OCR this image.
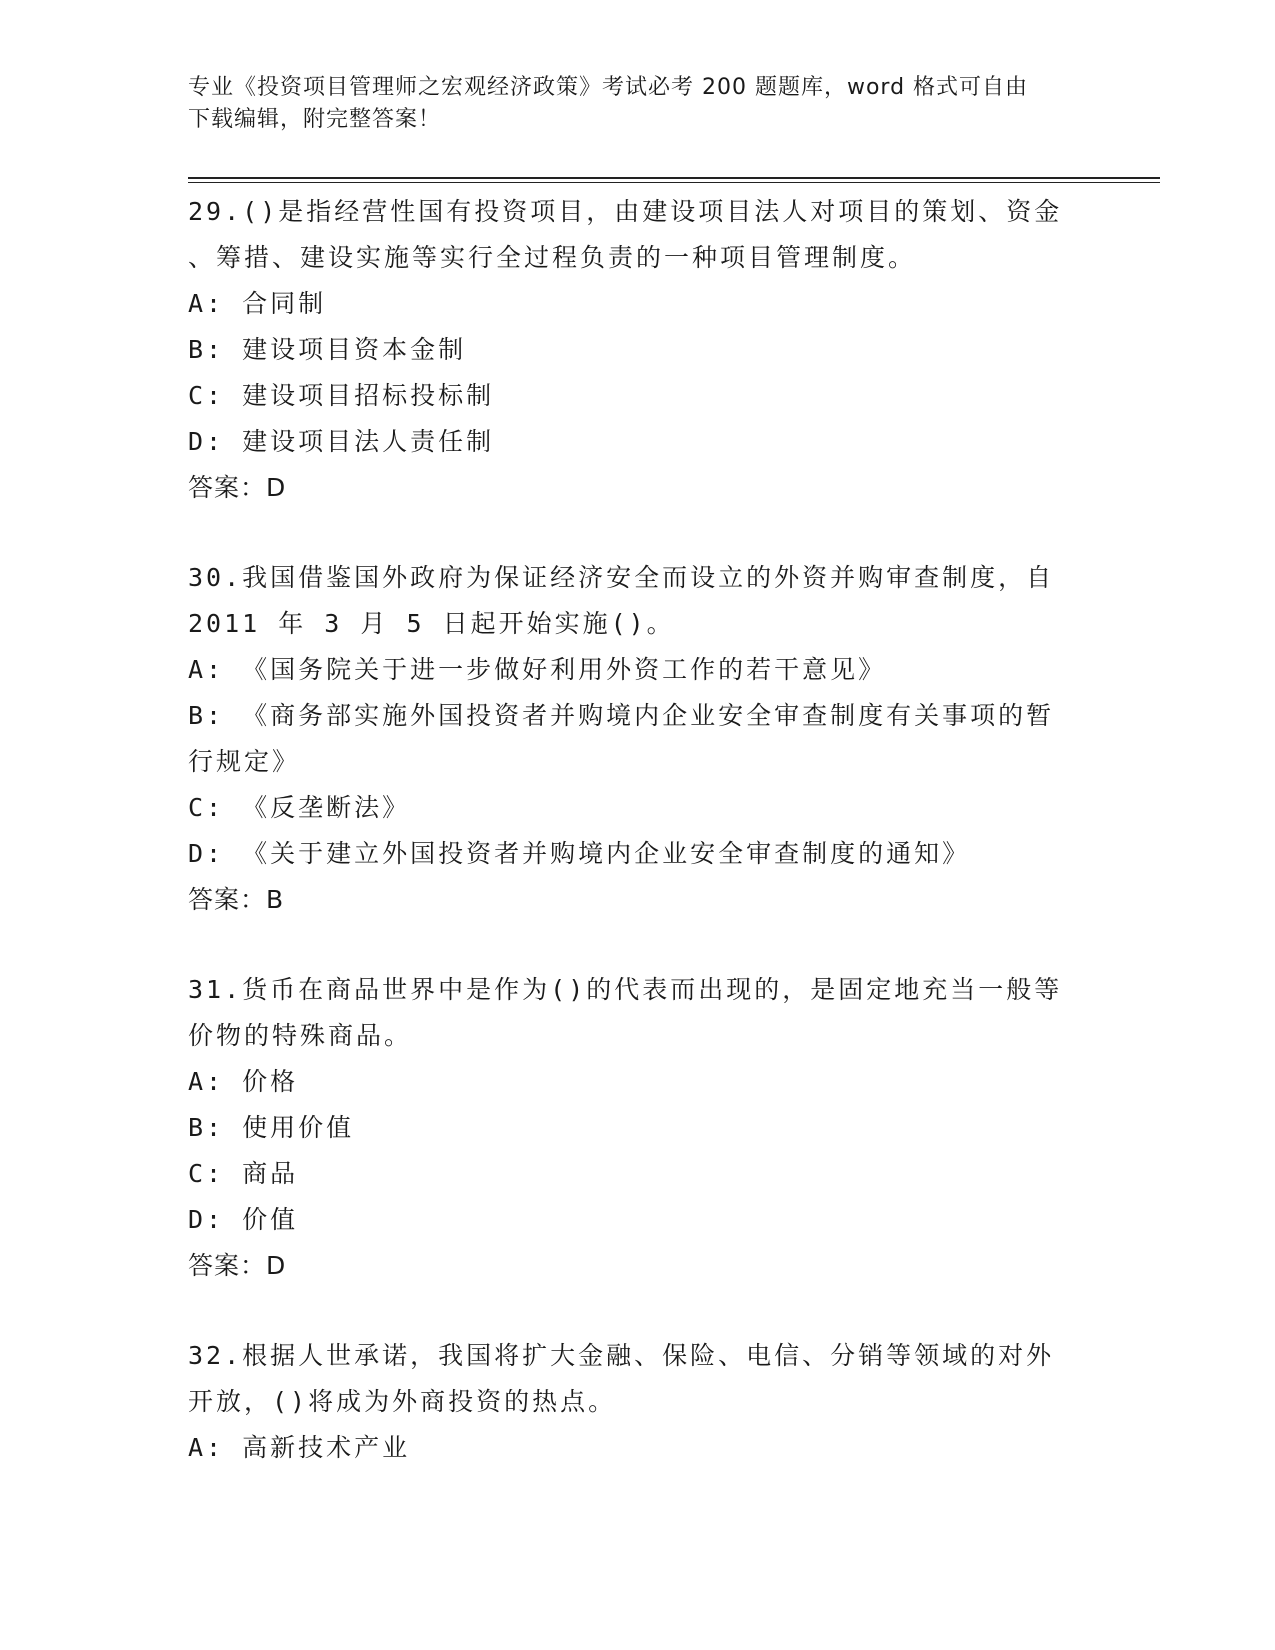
专业《投资项目管理师之宏观经济政策》考试必考 200 题题库，word 格式可自由
下载编辑，附完整答案！

29.()是指经营性国有投资项目，由建设项目法人对项目的策划、资金

、筹措、建设实施等实行全过程负责的一种项目管理制度。

A: 合同制

B: 建设项目资本金制

C: 建设项目招标投标制

D: 建设项目法人责任制

答案：D

30.我国借鉴国外政府为保证经济安全而设立的外资并购审查制度，自

2011 年 3 月 5 日起开始实施()。

A: 《国务院关于进一步做好利用外资工作的若干意见》

B: 《商务部实施外国投资者并购境内企业安全审查制度有关事项的暂

行规定》

C: 《反垄断法》

D: 《关于建立外国投资者并购境内企业安全审查制度的通知》

答案：B

31.货币在商品世界中是作为()的代表而出现的，是固定地充当一般等

价物的特殊商品。

A: 价格

B: 使用价值

C: 商品

D: 价值

答案：D

32.根据人世承诺，我国将扩大金融、保险、电信、分销等领域的对外

开放，()将成为外商投资的热点。

A: 高新技术产业
